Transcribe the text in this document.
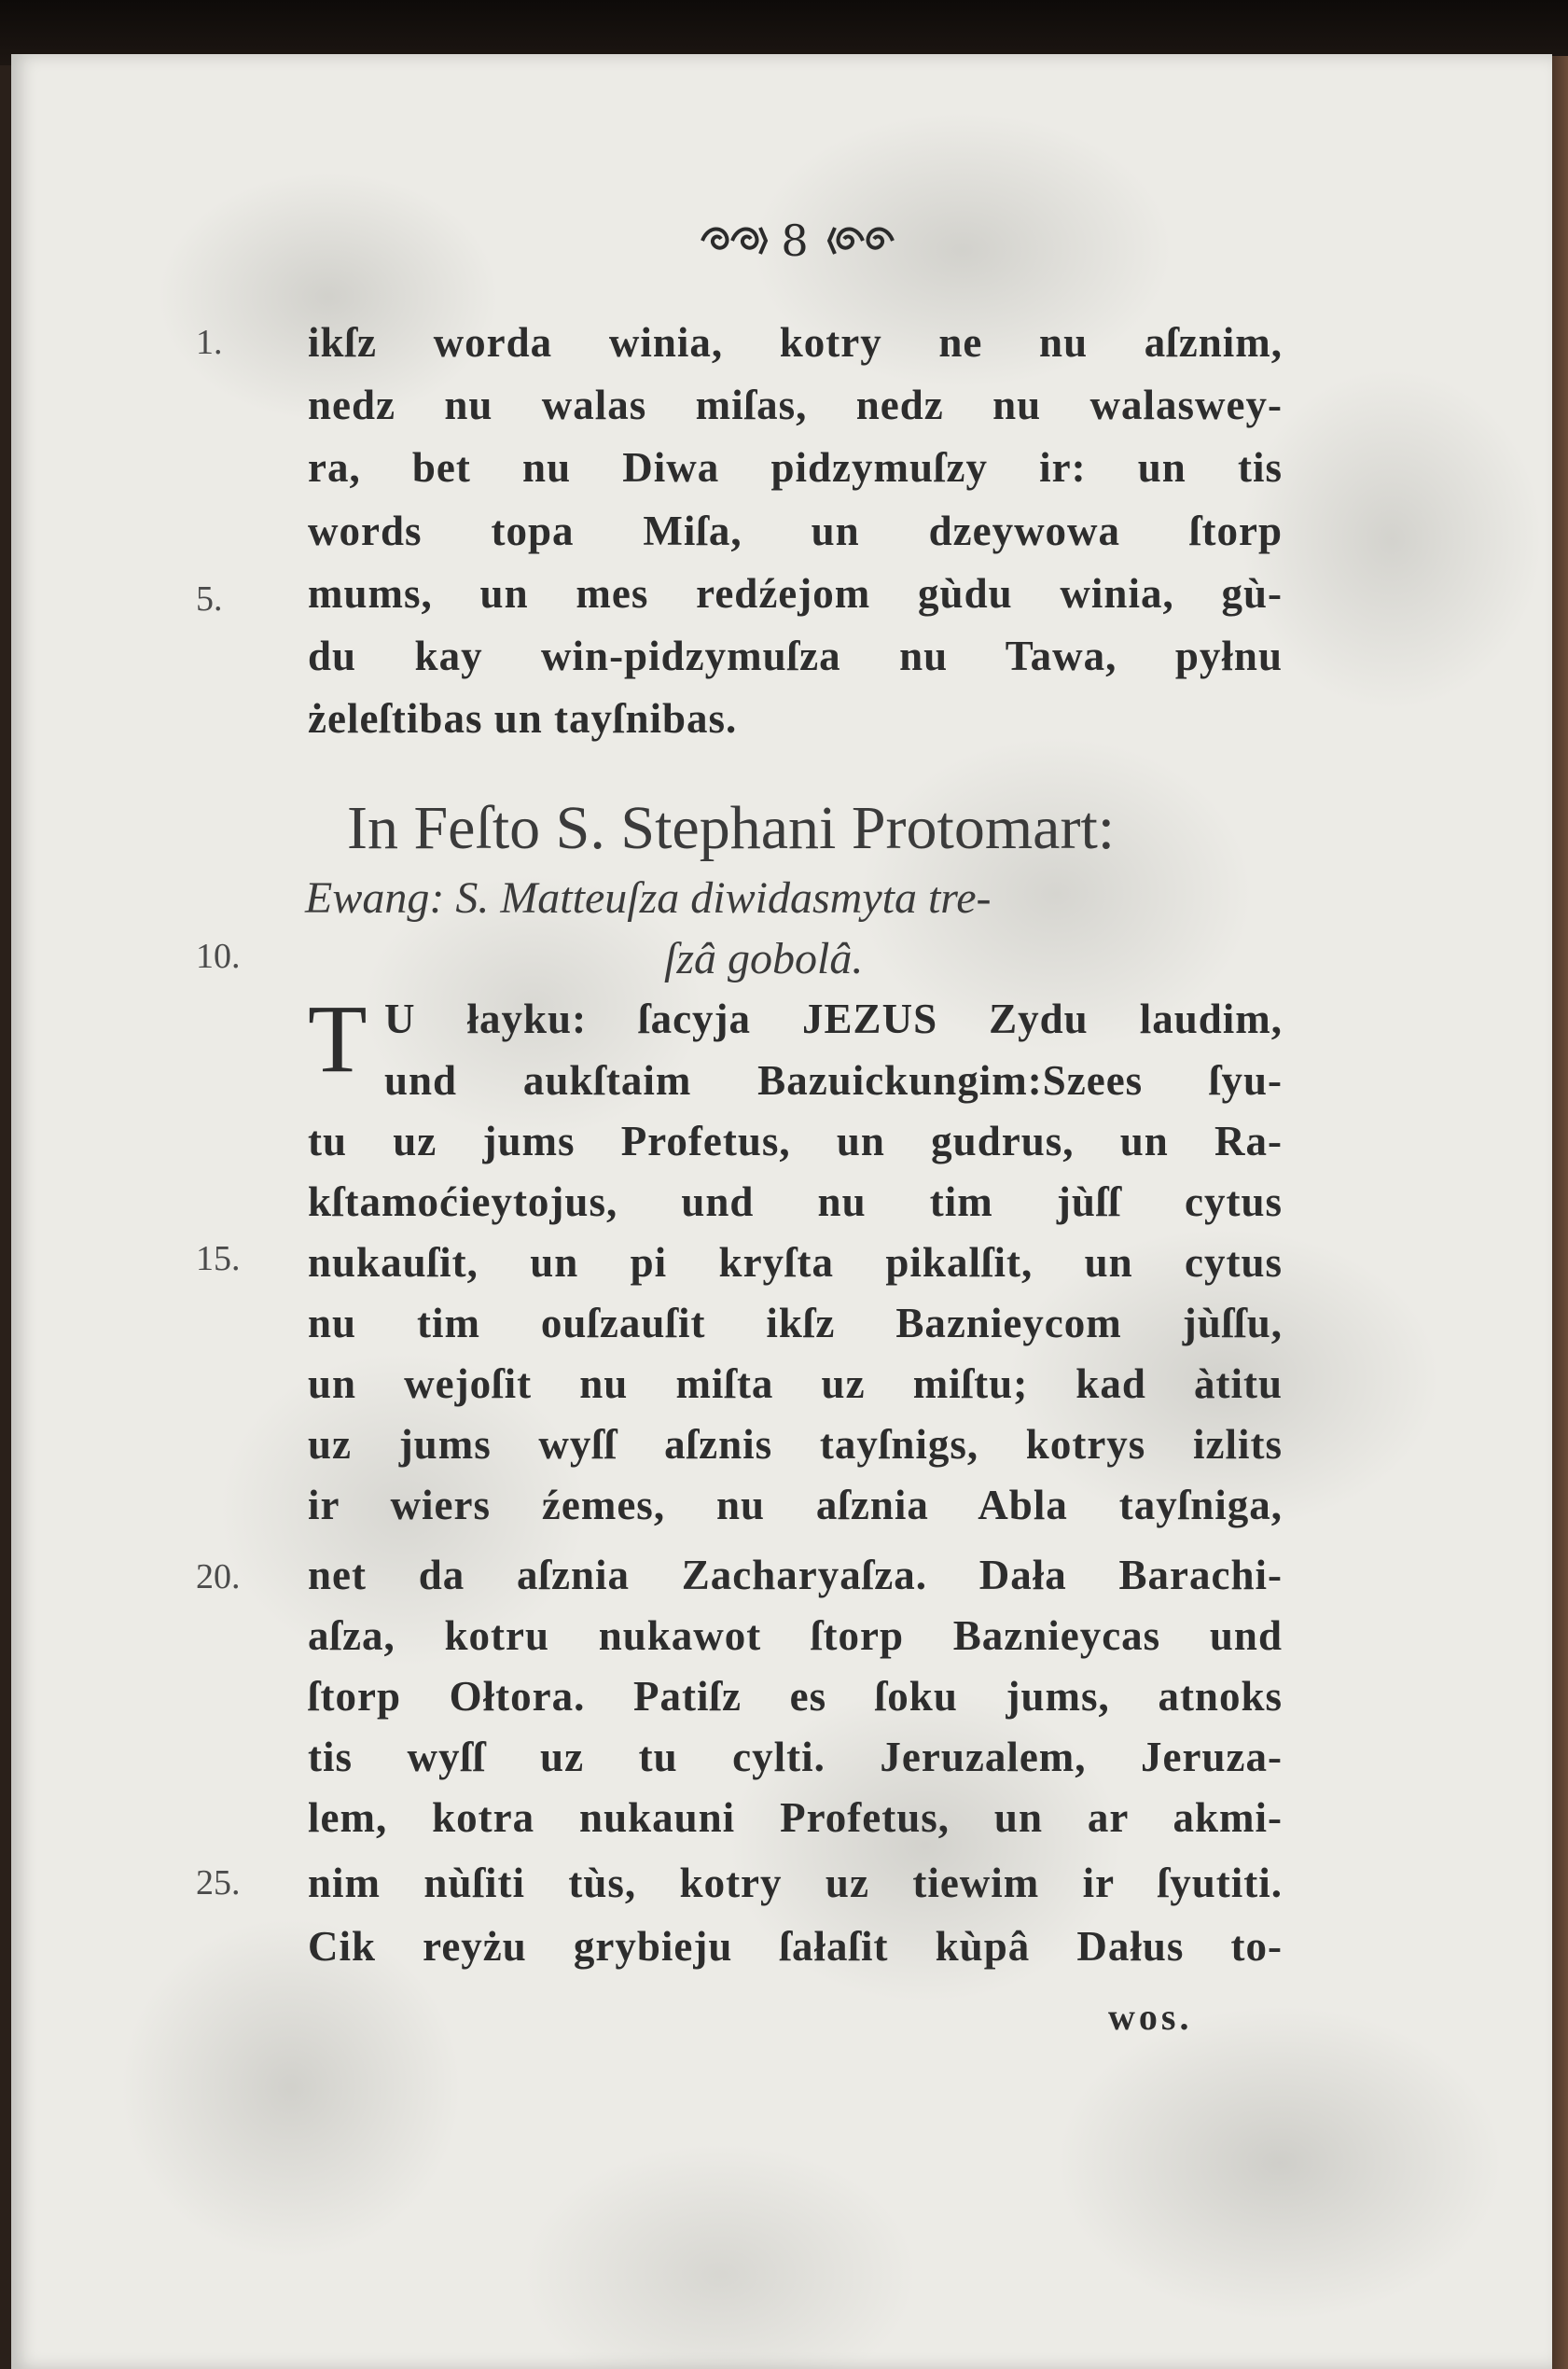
8
1.
5.
10.
15.
20.
25.
ikſz worda winia, kotry ne nu aſznim,
nedz nu walas miſas, nedz nu walaswey-
ra, bet nu Diwa pidzymuſzy ir: un tis
words topa Miſa, un dzeywowa ſtorp
mums, un mes redźejom gùdu winia, gù-
du kay win-pidzymuſza nu Tawa, pyłnu
żeleſtibas un tayſnibas.
In Feſto S. Stephani Protomart:
Ewang: S. Matteuſza diwidasmyta tre-
ſzâ gobolâ.
T U łayku: ſacyja JEZUS Zydu laudim,
und aukſtaim Bazuickungim:Szees ſyu-
tu uz jums Profetus, un gudrus, un Ra-
kſtamoćieytojus, und nu tim jùſſ cytus
nukauſit, un pi kryſta pikalſit, un cytus
nu tim ouſzauſit ikſz Baznieycom jùſſu,
un wejoſit nu miſta uz miſtu; kad àtitu
uz jums wyſſ aſznis tayſnigs, kotrys izlits
ir wiers źemes, nu aſznia Abla tayſniga,
net da aſznia Zacharyaſza. Dała Barachi-
aſza, kotru nukawot ſtorp Baznieycas und
ſtorp Ołtora. Patiſz es ſoku jums, atnoks
tis wyſſ uz tu cylti. Jeruzalem, Jeruza-
lem, kotra nukauni Profetus, un ar akmi-
nim nùſiti tùs, kotry uz tiewim ir ſyutiti.
Cik reyżu grybieju ſałaſit kùpâ Dałus to-
wos.
